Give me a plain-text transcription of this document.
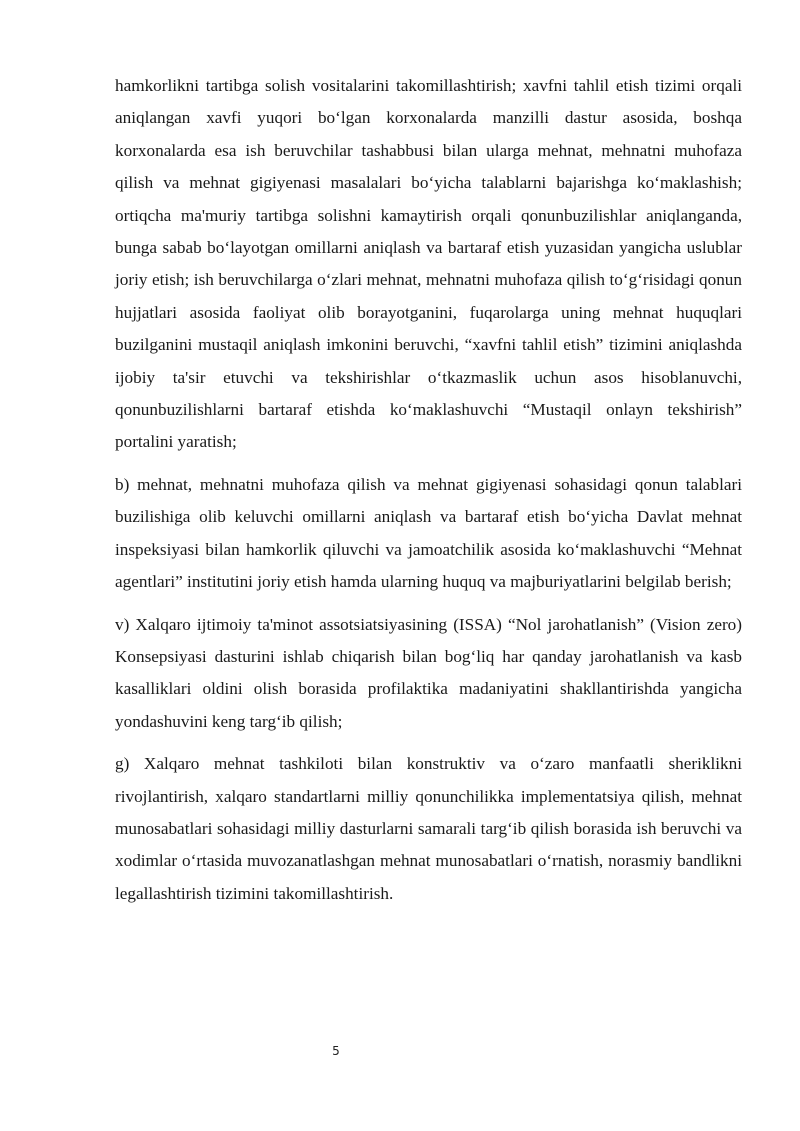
hamkorlikni tartibga solish vositalarini takomillashtirish; xavfni tahlil etish tizimi orqali aniqlangan xavfi yuqori bo‘lgan korxonalarda manzilli dastur asosida, boshqa korxonalarda esa ish beruvchilar tashabbusi bilan ularga mehnat, mehnatni muhofaza qilish va mehnat gigiyenasi masalalari bo‘yicha talablarni bajarishga ko‘maklashish; ortiqcha ma'muriy tartibga solishni kamaytirish orqali qonunbuzilishlar aniqlanganda, bunga sabab bo‘layotgan omillarni aniqlash va bartaraf etish yuzasidan yangicha uslublar joriy etish; ish beruvchilarga o‘zlari mehnat, mehnatni muhofaza qilish to‘g‘risidagi qonun hujjatlari asosida faoliyat olib borayotganini, fuqarolarga uning mehnat huquqlari buzilganini mustaqil aniqlash imkonini beruvchi, “xavfni tahlil etish” tizimini aniqlashda ijobiy ta'sir etuvchi va tekshirishlar o‘tkazmaslik uchun asos hisoblanuvchi, qonunbuzilishlarni bartaraf etishda ko‘maklashuvchi “Mustaqil onlayn tekshirish” portalini yaratish;

b) mehnat, mehnatni muhofaza qilish va mehnat gigiyenasi sohasidagi qonun talablari buzilishiga olib keluvchi omillarni aniqlash va bartaraf etish bo‘yicha Davlat mehnat inspeksiyasi bilan hamkorlik qiluvchi va jamoatchilik asosida ko‘maklashuvchi “Mehnat agentlari” institutini joriy etish hamda ularning huquq va majburiyatlarini belgilab berish;

v) Xalqaro ijtimoiy ta'minot assotsiatsiyasining (ISSA) “Nol jarohatlanish” (Vision zero) Konsepsiyasi dasturini ishlab chiqarish bilan bog‘liq har qanday jarohatlanish va kasb kasalliklari oldini olish borasida profilaktika madaniyatini shakllantirishda yangicha yondashuvini keng targ‘ib qilish;

g) Xalqaro mehnat tashkiloti bilan konstruktiv va o‘zaro manfaatli sheriklikni rivojlantirish, xalqaro standartlarni milliy qonunchilikka implementatsiya qilish, mehnat munosabatlari sohasidagi milliy dasturlarni samarali targ‘ib qilish borasida ish beruvchi va xodimlar o‘rtasida muvozanatlashgan mehnat munosabatlari o‘rnatish, norasmiy bandlikni legallashtirish tizimini takomillashtirish.

5
